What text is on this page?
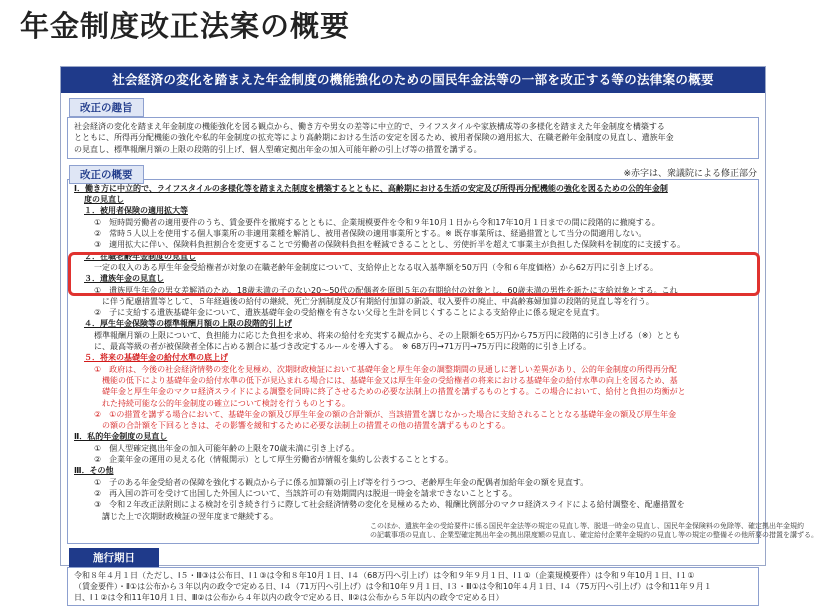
年金制度改正法案の概要
社会経済の変化を踏まえた年金制度の機能強化のための国民年金法等の一部を改正する等の法律案の概要
改正の趣旨
社会経済の変化を踏まえ年金制度の機能強化を図る観点から、働き方や男女の差等に中立的で、ライフスタイルや家族構成等の多様化を踏まえた年金制度を構築する
とともに、所得再分配機能の強化や私的年金制度の拡充等により高齢期における生活の安定を図るため、被用者保険の適用拡大、在職老齢年金制度の見直し、遺族年金
の見直し、標準報酬月額の上限の段階的引上げ、個人型確定拠出年金の加入可能年齢の引上げ等の措置を講ずる。
改正の概要	※赤字は、衆議院による修正部分
Ⅰ．働き方に中立的で、ライフスタイルの多様化等を踏まえた制度を構築するとともに、高齢期における生活の安定及び所得再分配機能の強化を図るための公的年金制
度の見直し
１．被用者保険の適用拡大等
①　短時間労働者の適用要件のうち、賃金要件を撤廃するとともに、企業規模要件を令和９年10月１日から令和17年10月１日までの間に段階的に撤廃する。
②　常時５人以上を使用する個人事業所の非適用業種を解消し、被用者保険の適用事業所とする。※ 既存事業所は、経過措置として当分の間適用しない。
③　適用拡大に伴い、保険料負担割合を変更することで労働者の保険料負担を軽減できることとし、労使折半を超えて事業主が負担した保険料を制度的に支援する。
２．在職老齢年金制度の見直し
一定の収入のある厚生年金受給権者が対象の在職老齢年金制度について、支給停止となる収入基準額を50万円（令和６年度価格）から62万円に引き上げる。
３．遺族年金の見直し
①　遺族厚生年金の男女差解消のため、18歳未満の子のない20～50代の配偶者を原則５年の有期給付の対象とし、60歳未満の男性を新たに支給対象とする。これ
　に伴う配慮措置等として、５年経過後の給付の継続、死亡分割制度及び有期給付加算の新設、収入要件の廃止、中高齢寡婦加算の段階的見直し等を行う。
②　子に支給する遺族基礎年金について、遺族基礎年金の受給権を有さない父母と生計を同じくすることによる支給停止に係る規定を見直す。
４．厚生年金保険等の標準報酬月額の上限の段階的引上げ
標準報酬月額の上限について、負担能力に応じた負担を求め、将来の給付を充実する観点から、その上限額を65万円から75万円に段階的に引き上げる（※）ととも
に、最高等級の者が被保険者全体に占める割合に基づき改定するルールを導入する。　※ 68万円→71万円→75万円に段階的に引き上げる。
５．将来の基礎年金の給付水準の底上げ
①　政府は、今後の社会経済情勢の変化を見極め、次期財政検証において基礎年金と厚生年金の調整期間の見通しに著しい差異があり、公的年金制度の所得再分配
　機能の低下により基礎年金の給付水準の低下が見込まれる場合には、基礎年金又は厚生年金の受給権者の将来における基礎年金の給付水準の向上を図るため、基
　礎年金と厚生年金のマクロ経済スライドによる調整を同時に終了させるための必要な法制上の措置を講ずるものとする。この場合において、給付と負担の均衡がと
　れた持続可能な公的年金制度の確立について検討を行うものとする。
②　①の措置を講ずる場合において、基礎年金の額及び厚生年金の額の合計額が、当該措置を講じなかった場合に支給されることとなる基礎年金の額及び厚生年金
　の額の合計額を下回るときは、その影響を緩和するために必要な法制上の措置その他の措置を講ずるものとする。
Ⅱ．私的年金制度の見直し
①　個人型確定拠出年金の加入可能年齢の上限を70歳未満に引き上げる。
②　企業年金の運用の見える化（情報開示）として厚生労働省が情報を集約し公表することとする。
Ⅲ．その他
①　子のある年金受給者の保障を強化する観点から子に係る加算額の引上げ等を行うつつ、老齢厚生年金の配偶者加給年金の額を見直す。
②　再入国の許可を受けて出国した外国人について、当該許可の有効期間内は脱退一時金を請求できないこととする。
③　令和２年改正法附則による検討を引き続き行うに際して社会経済情勢の変化を見極めるため、報酬比例部分のマクロ経済スライドによる給付調整を、配慮措置を
　講じた上で次期財政検証の翌年度まで継続する。
このほか、遺族年金の受給要件に係る国民年金法等の規定の見直し等、脱退一時金の見直し、国民年金保険料の免除等、確定拠出年金規約
の記載事項の見直し、企業型確定拠出年金の拠出限度額の見直し、確定給付企業年金規約の見直し等の規定の整備その他所要の措置を講ずる。
施行期日
令和８年４月１日（ただし、Ⅰ５・Ⅲ③は公布日、Ⅰ１③は令和８年10月１日、Ⅰ４（68万円へ引上げ）は令和９年９月１日、Ⅰ１①（企業規模要件）は令和９年10月１日、Ⅰ１①
（賃金要件）・Ⅱ①は公布から３年以内の政令で定める日、Ⅰ４（71万円へ引上げ）は令和10年９月１日、Ⅰ３・Ⅲ①は令和10年４月１日、Ⅰ４（75万円へ引上げ）は令和11年９月１
日、Ⅰ１②は令和11年10月１日、Ⅲ②は公布から４年以内の政令で定める日、Ⅱ②は公布から５年以内の政令で定める日）
